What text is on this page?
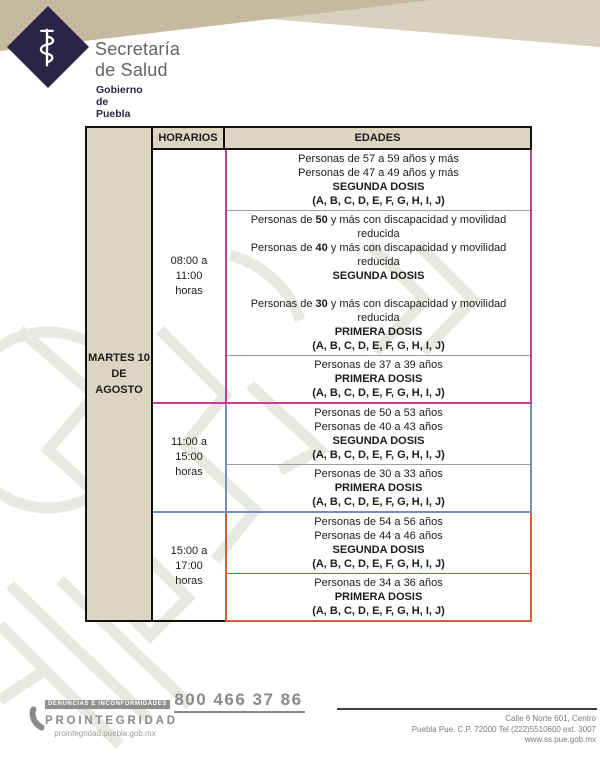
Secretaría
de Salud
Gobierno de Puebla
MARTES 10
DE AGOSTO
HORARIOS	EDADES
08:00 a
11:00
horas
Personas de 57 a 59 años y más
Personas de 47 a 49 años y más
SEGUNDA DOSIS
(A, B, C, D, E, F, G, H, I, J)
Personas de 50 y más con discapacidad y movilidad reducida
Personas de 40 y más con discapacidad y movilidad reducida
SEGUNDA DOSIS
Personas de 30 y más con discapacidad y movilidad reducida
PRIMERA DOSIS
(A, B, C, D, E, F, G, H, I, J)
Personas de 37 a 39 años
PRIMERA DOSIS
(A, B, C, D, E, F, G, H, I, J)
11:00 a
15:00
horas
Personas de 50 a 53 años
Personas de 40 a 43 años
SEGUNDA DOSIS
(A, B, C, D, E, F, G, H, I, J)
Personas de 30 a 33 años
PRIMERA DOSIS
(A, B, C, D, E, F, G, H, I, J)
15:00 a
17:00
horas
Personas de 54 a 56 años
Personas de 44 a 46 años
SEGUNDA DOSIS
(A, B, C, D, E, F, G, H, I, J)
Personas de 34 a 36 años
PRIMERA DOSIS
(A, B, C, D, E, F, G, H, I, J)
DENUNCIAS E INCONFORMIDADES 800 466 37 86
PROINTEGRIDAD
prointegridad.puebla.gob.mx
Calle 6 Norte 601, Centro
Puebla Pue. C.P. 72000 Tel (222)5510600 ext. 3007
www.ss.pue.gob.mx
